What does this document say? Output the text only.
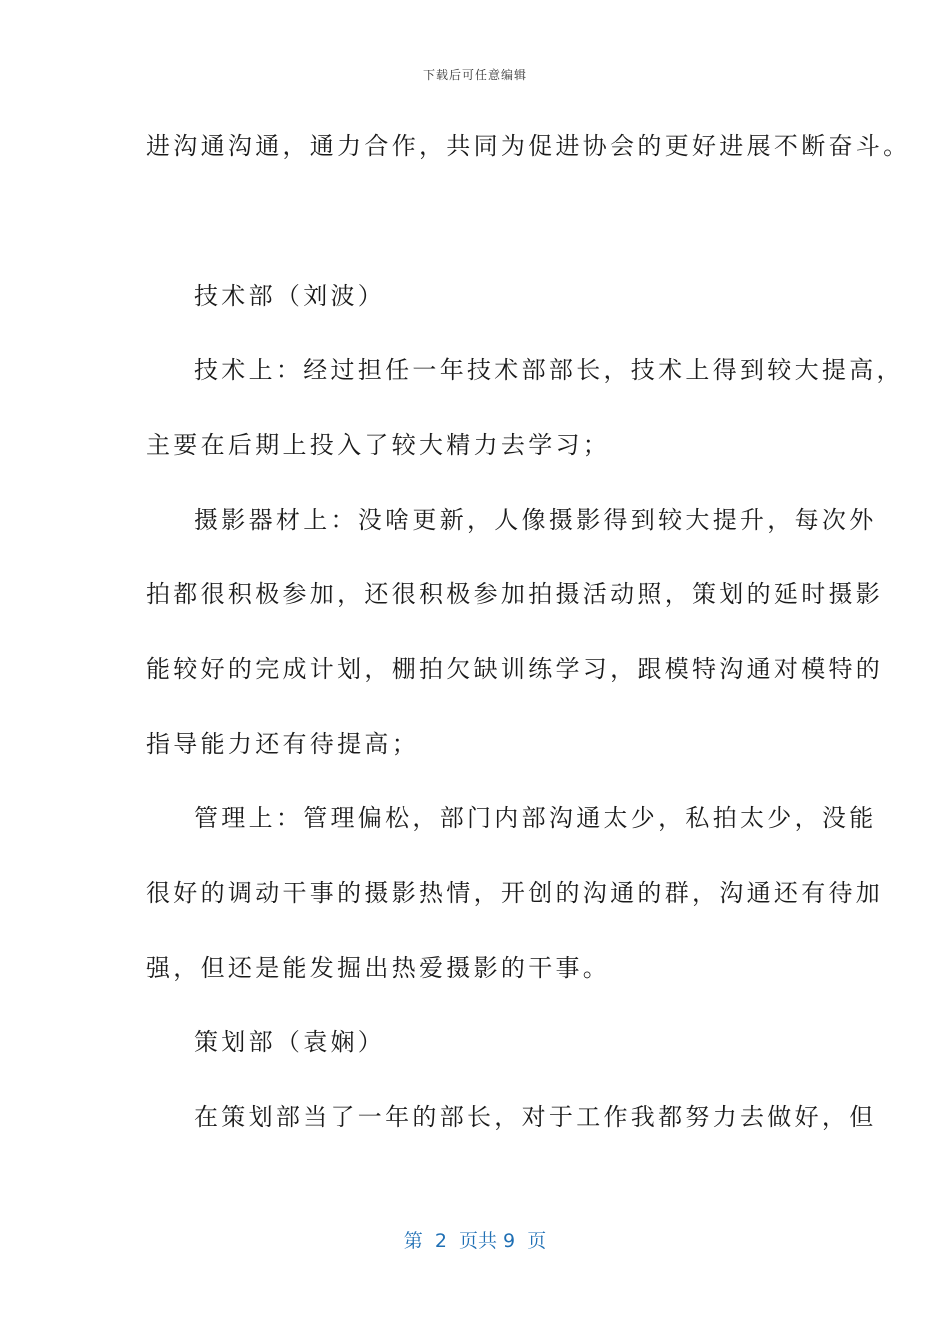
下载后可任意编辑
进沟通沟通，通力合作，共同为促进协会的更好进展不断奋斗。
技术部（刘波）
技术上：经过担任一年技术部部长，技术上得到较大提高，
主要在后期上投入了较大精力去学习；
摄影器材上：没啥更新，人像摄影得到较大提升，每次外
拍都很积极参加，还很积极参加拍摄活动照，策划的延时摄影
能较好的完成计划，棚拍欠缺训练学习，跟模特沟通对模特的
指导能力还有待提高；
管理上：管理偏松，部门内部沟通太少，私拍太少，没能
很好的调动干事的摄影热情，开创的沟通的群，沟通还有待加
强，但还是能发掘出热爱摄影的干事。
策划部（袁娴）
在策划部当了一年的部长，对于工作我都努力去做好，但
第  2  页共 9  页
